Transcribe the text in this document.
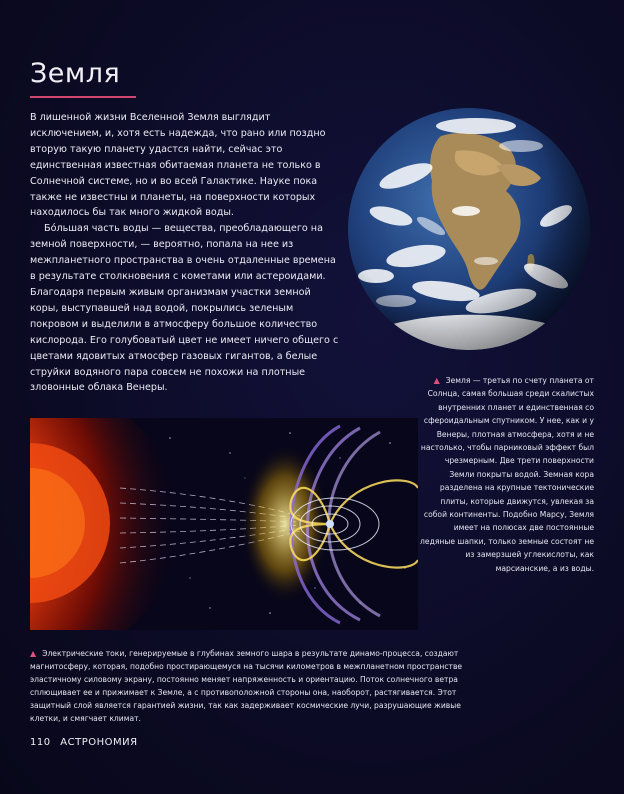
Земля

В лишенной жизни Вселенной Земля выглядит исключением, и, хотя есть надежда, что рано или поздно вторую такую планету удастся найти, сейчас это единственная известная обитаемая планета не только в Солнечной системе, но и во всей Галактике. Науке пока также не известны и планеты, на поверхности которых находилось бы так много жидкой воды.

Бóльшая часть воды — вещества, преобладающего на земной поверхности, — вероятно, попала на нее из межпланетного пространства в очень отдаленные времена в результате столкновения с кометами или астероидами. Благодаря первым живым организмам участки земной коры, выступавшей над водой, покрылись зеленым покровом и выделили в атмосферу большое количество кислорода. Его голубоватый цвет не имеет ничего общего с цветами ядовитых атмосфер газовых гигантов, а белые струйки водяного пара совсем не похожи на плотные зловонные облака Венеры.

▲ Земля — третья по счету планета от Солнца, самая большая среди скалистых внутренних планет и единственная со сфероидальным спутником. У нее, как и у Венеры, плотная атмосфера, хотя и не настолько, чтобы парниковый эффект был чрезмерным. Две трети поверхности Земли покрыты водой. Земная кора разделена на крупные тектонические плиты, которые движутся, увлекая за собой континенты. Подобно Марсу, Земля имеет на полюсах две постоянные ледяные шапки, только земные состоят не из замерзшей углекислоты, как марсианские, а из воды.
▲ Электрические токи, генерируемые в глубинах земного шара в результате динамо-процесса, создают магнитосферу, которая, подобно простирающемуся на тысячи километров в межпланетном пространстве эластичному силовому экрану, постоянно меняет напряженность и ориентацию. Поток солнечного ветра сплющивает ее и прижимает к Земле, а с противоположной стороны она, наоборот, растягивается. Этот защитный слой является гарантией жизни, так как задерживает космические лучи, разрушающие живые клетки, и смягчает климат.
110 АСТРОНОМИЯ
